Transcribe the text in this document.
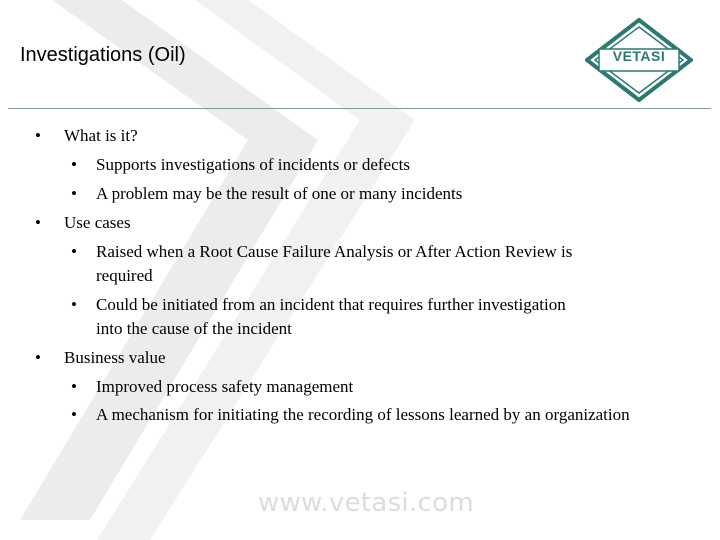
Investigations (Oil)	VETASI
• What is it?
• Supports investigations of incidents or defects
• A problem may be the result of one or many incidents
• Use cases
• Raised when a Root Cause Failure Analysis or After Action Review is required
• Could be initiated from an incident that requires further investigation into the cause of the incident
• Business value
• Improved process safety management
• A mechanism for initiating the recording of lessons learned by an organization
www.vetasi.com
